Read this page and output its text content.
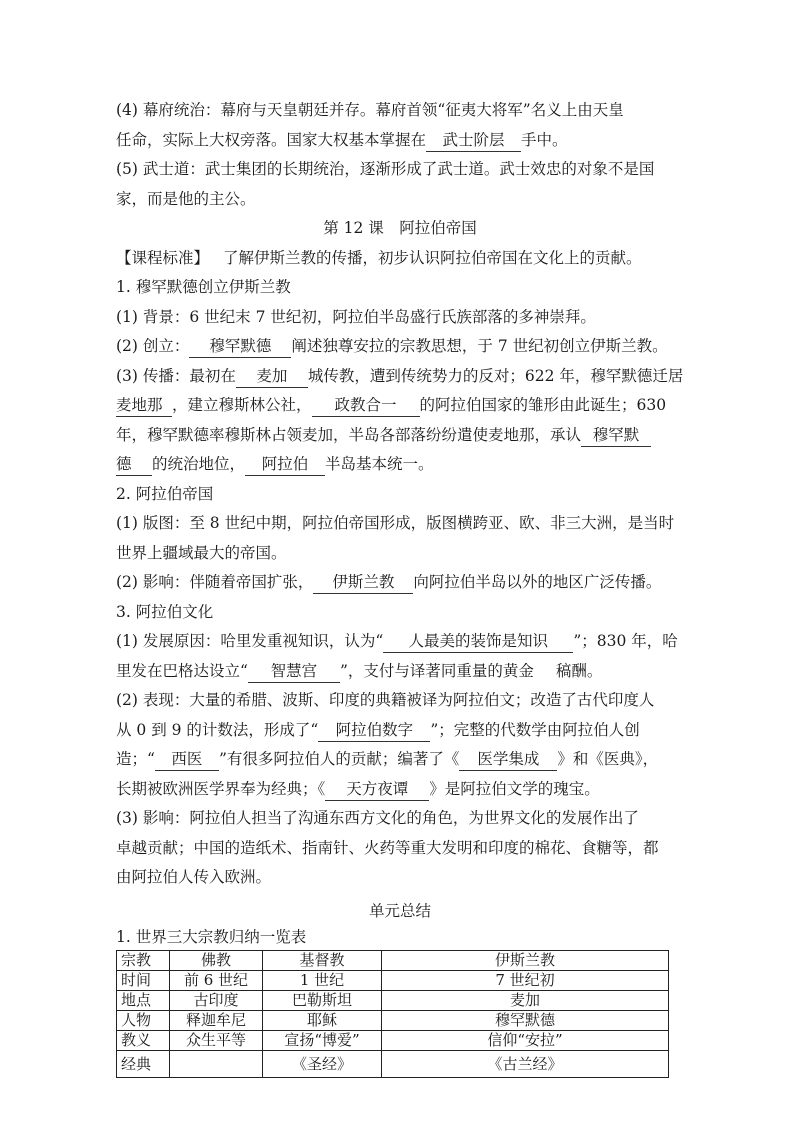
(4) 幕府统治：幕府与天皇朝廷并存。幕府首领“征夷大将军”名义上由天皇

任命，实际上大权旁落。国家大权基本掌握在 武士阶层 手中。

(5) 武士道：武士集团的长期统治，逐渐形成了武士道。武士效忠的对象不是国

家，而是他的主公。

第 12 课　阿拉伯帝国

【课程标准】 了解伊斯兰教的传播，初步认识阿拉伯帝国在文化上的贡献。

1. 穆罕默德创立伊斯兰教

(1) 背景：6 世纪末 7 世纪初，阿拉伯半岛盛行氏族部落的多神崇拜。

(2) 创立： 穆罕默德 阐述独尊安拉的宗教思想，于 7 世纪初创立伊斯兰教。

(3) 传播：最初在 麦加 城传教，遭到传统势力的反对；622 年，穆罕默德迁居

麦地那 ，建立穆斯林公社， 政教合一 的阿拉伯国家的雏形由此诞生；630

年，穆罕默德率穆斯林占领麦加，半岛各部落纷纷遣使麦地那，承认 穆罕默

德 的统治地位， 阿拉伯 半岛基本统一。

2. 阿拉伯帝国

(1) 版图：至 8 世纪中期，阿拉伯帝国形成，版图横跨亚、欧、非三大洲，是当时

世界上疆域最大的帝国。

(2) 影响：伴随着帝国扩张， 伊斯兰教 向阿拉伯半岛以外的地区广泛传播。

3. 阿拉伯文化

(1) 发展原因：哈里发重视知识，认为“ 人最美的装饰是知识 ”；830 年，哈

里发在巴格达设立“ 智慧宫 ”，支付与译著同重量的黄金 稿酬。

(2) 表现：大量的希腊、波斯、印度的典籍被译为阿拉伯文；改造了古代印度人

从 0 到 9 的计数法，形成了“ 阿拉伯数字 ”；完整的代数学由阿拉伯人创

造；“ 西医 ”有很多阿拉伯人的贡献；编著了《 医学集成 》和《医典》，

长期被欧洲医学界奉为经典；《 天方夜谭 》是阿拉伯文学的瑰宝。

(3) 影响：阿拉伯人担当了沟通东西方文化的角色，为世界文化的发展作出了

卓越贡献；中国的造纸术、指南针、火药等重大发明和印度的棉花、食糖等，都

由阿拉伯人传入欧洲。

单元总结

1. 世界三大宗教归纳一览表

宗教	佛教	基督教	伊斯兰教
时间	前 6 世纪	1 世纪	7 世纪初
地点	古印度	巴勒斯坦	麦加
人物	释迦牟尼	耶稣	穆罕默德
教义	众生平等	宣扬“博爱”	信仰“安拉”
经典		《圣经》	《古兰经》
